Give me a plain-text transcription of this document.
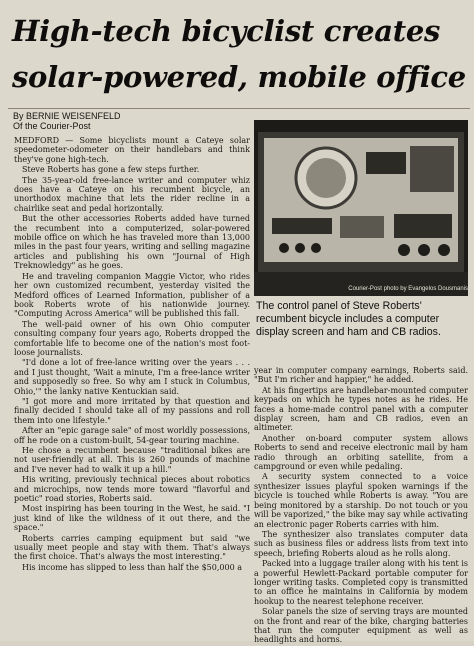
High-tech bicyclist creates solar-powered, mobile office
By BERNIE WEISENFELD
Of the Courier-Post

MEDFORD — Some bicyclists mount a Cateye solar speedometer-odometer on their handlebars and think they've gone high-tech.

Steve Roberts has gone a few steps further.

The 35-year-old free-lance writer and computer whiz does have a Cateye on his recumbent bicycle, an unorthodox machine that lets the rider recline in a chairlike seat and pedal horizontally.

But the other accessories Roberts added have turned the recumbent into a computerized, solar-powered mobile office on which he has traveled more than 13,000 miles in the past four years, writing and selling magazine articles and publishing his own "Journal of High Treknowledgy" as he goes.

He and traveling companion Maggie Victor, who rides her own customized recumbent, yesterday visited the Medford offices of Learned Information, publisher of a book Roberts wrote of his nationwide journey. "Computing Across America" will be published this fall.

The well-paid owner of his own Ohio computer consulting company four years ago, Roberts dropped the comfortable life to become one of the nation's most foot-loose journalists.

"I'd done a lot of free-lance writing over the years . . . and I just thought, 'Wait a minute, I'm a free-lance writer and supposedly so free. So why am I stuck in Columbus, Ohio,'" the lanky native Kentuckian said.

"I got more and more irritated by that question and finally decided I should take all of my passions and roll them into one lifestyle."

After an "epic garage sale" of most worldly possessions, off he rode on a custom-built, 54-gear touring machine.

He chose a recumbent because "traditional bikes are not user-friendly at all. This is 260 pounds of machine and I've never had to walk it up a hill."

His writing, previously technical pieces about robotics and microchips, now tends more toward "flavorful and poetic" road stories, Roberts said.

Most inspiring has been touring in the West, he said. "I just kind of like the wildness of it out there, and the space."

Roberts carries camping equipment but said "we usually meet people and stay with them. That's always the first choice. That's always the most interesting."

His income has slipped to less than half the $50,000 a

Courier-Post photo by Evangelos Dousmanis
The control panel of Steve Roberts' recumbent bicycle includes a computer display screen and ham and CB radios.

year in computer company earnings, Roberts said. "But I'm richer and happier," he added.

At his fingertips are handlebar-mounted computer keypads on which he types notes as he rides. He faces a home-made control panel with a computer display screen, ham and CB radios, even an altimeter.

Another on-board computer system allows Roberts to send and receive electronic mail by ham radio through an orbiting satellite, from a campground or even while pedaling.

A security system connected to a voice synthesizer issues playful spoken warnings if the bicycle is touched while Roberts is away. "You are being monitored by a starship. Do not touch or you will be vaporized," the bike may say while activating an electronic pager Roberts carries with him.

The synthesizer also translates computer data such as business files or address lists from text into speech, briefing Roberts aloud as he rolls along.

Packed into a luggage trailer along with his tent is a powerful Hewlett-Packard portable computer for longer writing tasks. Completed copy is transmitted to an office he maintains in California by modem hookup to the nearest telephone receiver.

Solar panels the size of serving trays are mounted on the front and rear of the bike, charging batteries that run the computer equipment as well as headlights and horns.
